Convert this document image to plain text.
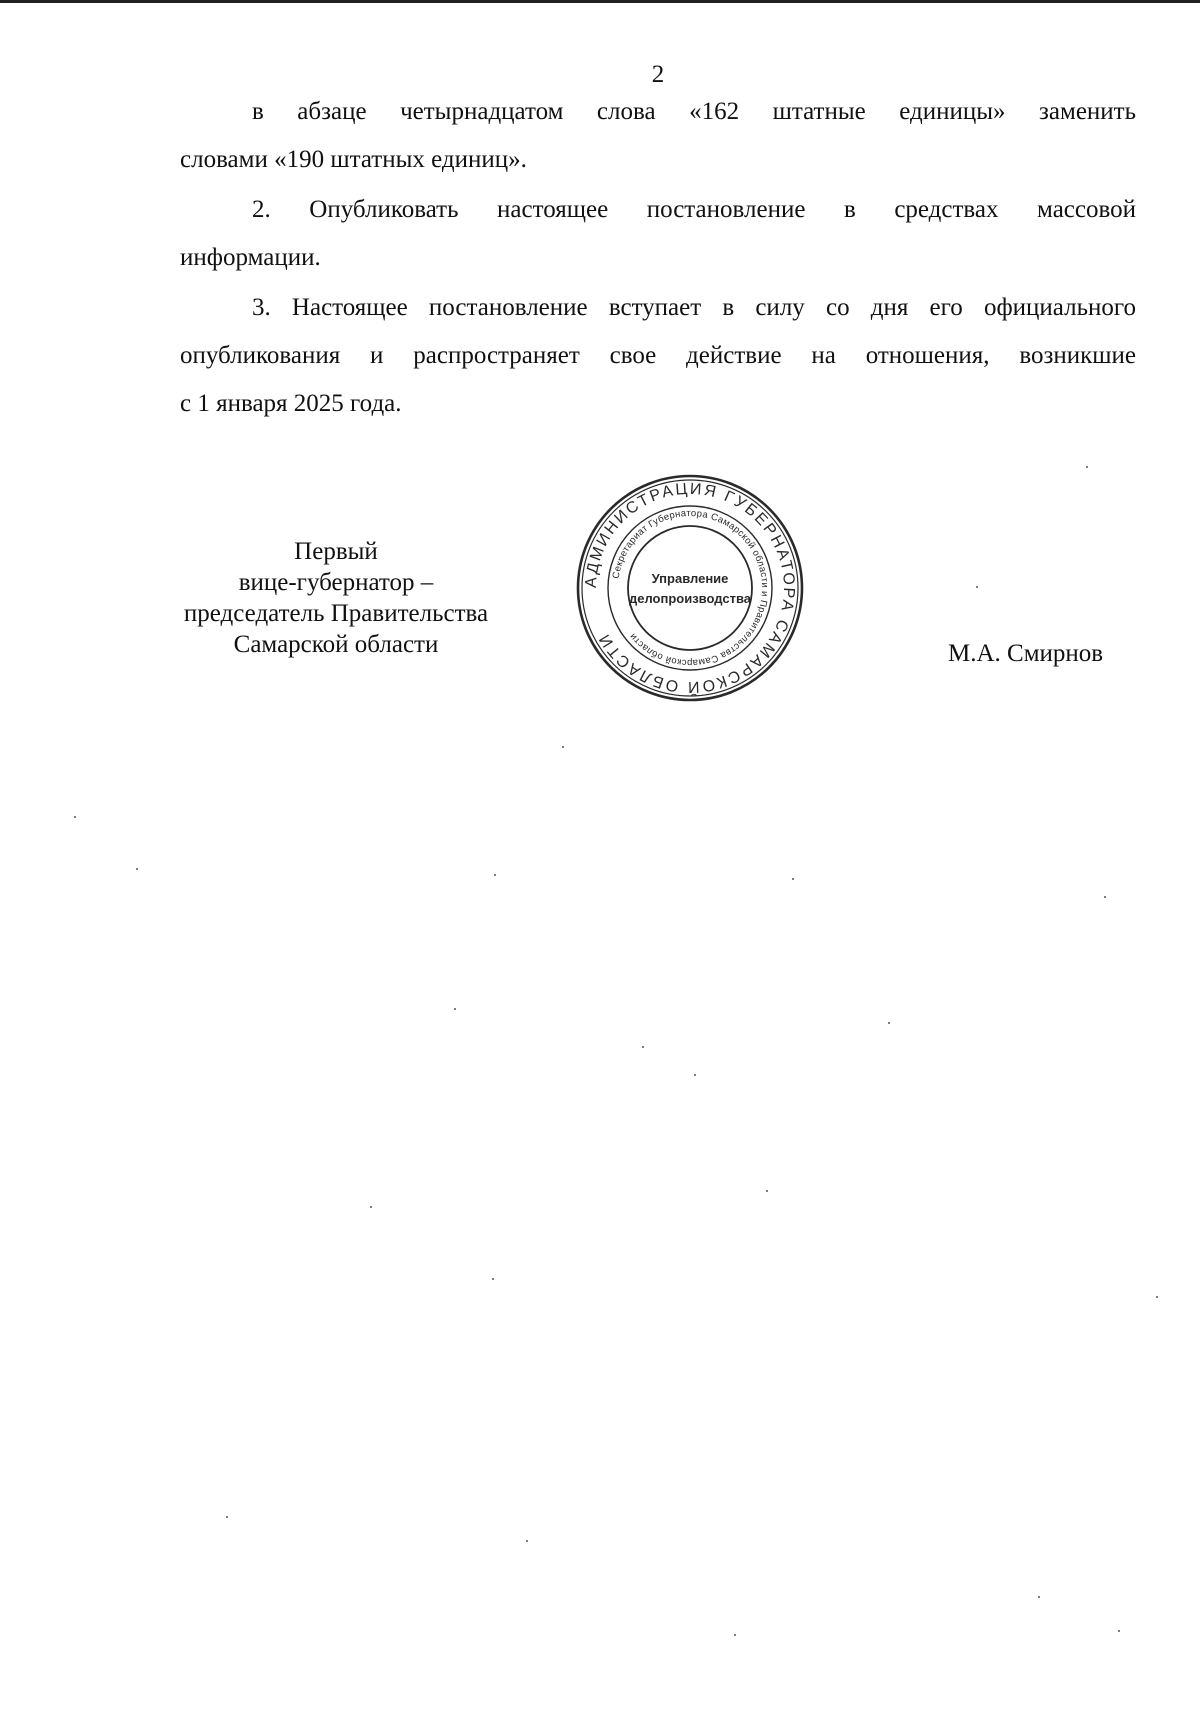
2
в абзаце четырнадцатом слова «162 штатные единицы» заменить
словами «190 штатных единиц».
2. Опубликовать настоящее постановление в средствах массовой
информации.
3. Настоящее постановление вступает в силу со дня его официального
опубликования и распространяет свое действие на отношения, возникшие
с 1 января 2025 года.
Первый
вице-губернатор –
председатель Правительства
Самарской области
АДМИНИСТРАЦИЯ ГУБЕРНАТОРА САМАРСКОЙ ОБЛАСТИ
Секретариат Губернатора Самарской области и Правительства Самарской области
Управление
делопроизводства
М.А. Смирнов
